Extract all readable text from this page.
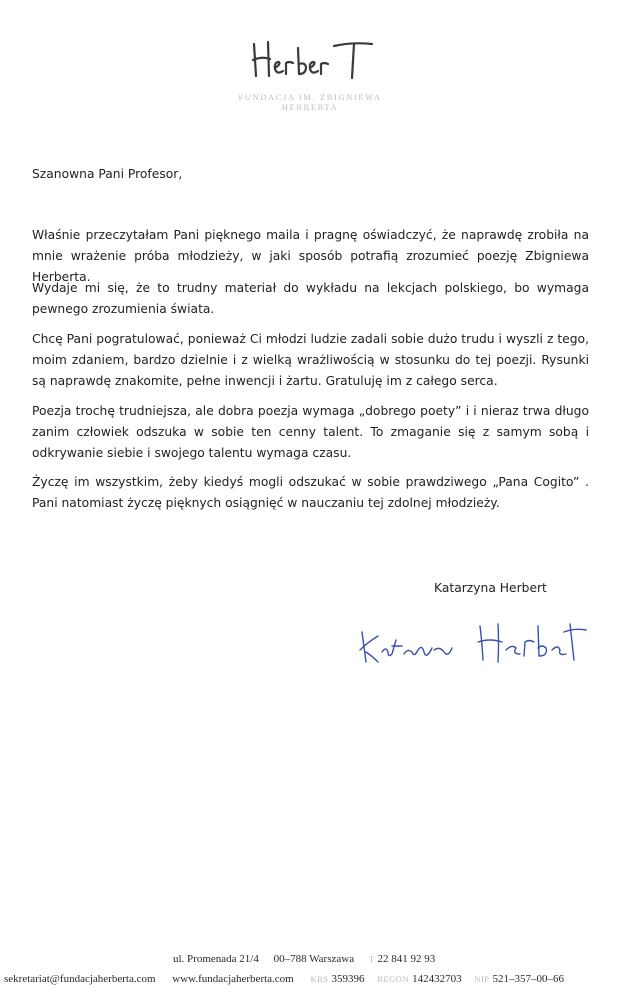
FUNDACJA IM. ZBIGNIEWA HERBERTA
Szanowna Pani Profesor,

Właśnie przeczytałam Pani pięknego maila i pragnę oświadczyć, że naprawdę zrobiła na mnie wrażenie próba młodzieży, w jaki sposób potrafią zrozumieć poezję Zbigniewa Herberta.

Wydaje mi się, że to trudny materiał do wykładu na lekcjach polskiego, bo wymaga pewnego zrozumienia świata.

Chcę Pani pogratulować, ponieważ Ci młodzi ludzie zadali sobie dużo trudu i wyszli z tego, moim zdaniem, bardzo dzielnie i z wielką wrażliwością w stosunku do tej poezji. Rysunki są naprawdę znakomite, pełne inwencji i żartu. Gratuluję im z całego serca.

Poezja trochę trudniejsza, ale dobra poezja wymaga „dobrego poety” i i nieraz trwa długo zanim człowiek odszuka w sobie ten cenny talent. To zmaganie się z samym sobą i odkrywanie siebie i swojego talentu wymaga czasu.

Życzę im wszystkim, żeby kiedyś mogli odszukać w sobie prawdziwego „Pana Cogito” . Pani natomiast życzę pięknych osiągnięć w nauczaniu tej zdolnej młodzieży.

Katarzyna Herbert
ul. Promenada 21/4 00–788 Warszawa T 22 841 92 93
sekretariat@fundacjaherberta.com www.fundacjaherberta.com KRS 359396 REGON 142432703 NIP 521–357–00–66
